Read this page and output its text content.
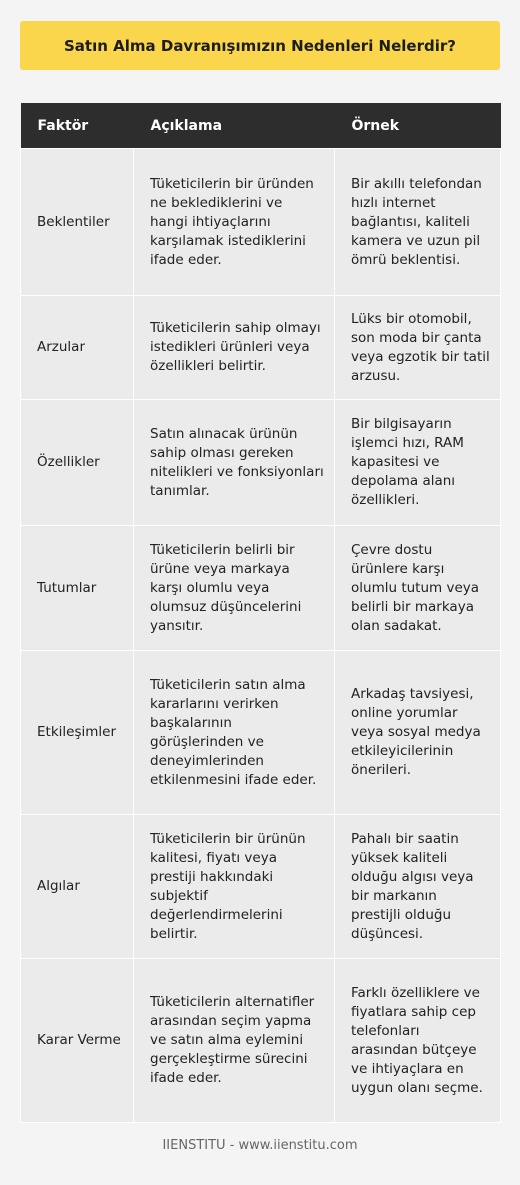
Satın Alma Davranışımızın Nedenleri Nelerdir?
Faktör	Açıklama	Örnek
Beklentiler	Tüketicilerin bir üründen ne beklediklerini ve hangi ihtiyaçlarını karşılamak istediklerini ifade eder.	Bir akıllı telefondan hızlı internet bağlantısı, kaliteli kamera ve uzun pil ömrü beklentisi.
Arzular	Tüketicilerin sahip olmayı istedikleri ürünleri veya özellikleri belirtir.	Lüks bir otomobil, son moda bir çanta veya egzotik bir tatil arzusu.
Özellikler	Satın alınacak ürünün sahip olması gereken nitelikleri ve fonksiyonları tanımlar.	Bir bilgisayarın işlemci hızı, RAM kapasitesi ve depolama alanı özellikleri.
Tutumlar	Tüketicilerin belirli bir ürüne veya markaya karşı olumlu veya olumsuz düşüncelerini yansıtır.	Çevre dostu ürünlere karşı olumlu tutum veya belirli bir markaya olan sadakat.
Etkileşimler	Tüketicilerin satın alma kararlarını verirken başkalarının görüşlerinden ve deneyimlerinden etkilenmesini ifade eder.	Arkadaş tavsiyesi, online yorumlar veya sosyal medya etkileyicilerinin önerileri.
Algılar	Tüketicilerin bir ürünün kalitesi, fiyatı veya prestiji hakkındaki subjektif değerlendirmelerini belirtir.	Pahalı bir saatin yüksek kaliteli olduğu algısı veya bir markanın prestijli olduğu düşüncesi.
Karar Verme	Tüketicilerin alternatifler arasından seçim yapma ve satın alma eylemini gerçekleştirme sürecini ifade eder.	Farklı özelliklere ve fiyatlara sahip cep telefonları arasından bütçeye ve ihtiyaçlara en uygun olanı seçme.
IIENSTITU - www.iienstitu.com
